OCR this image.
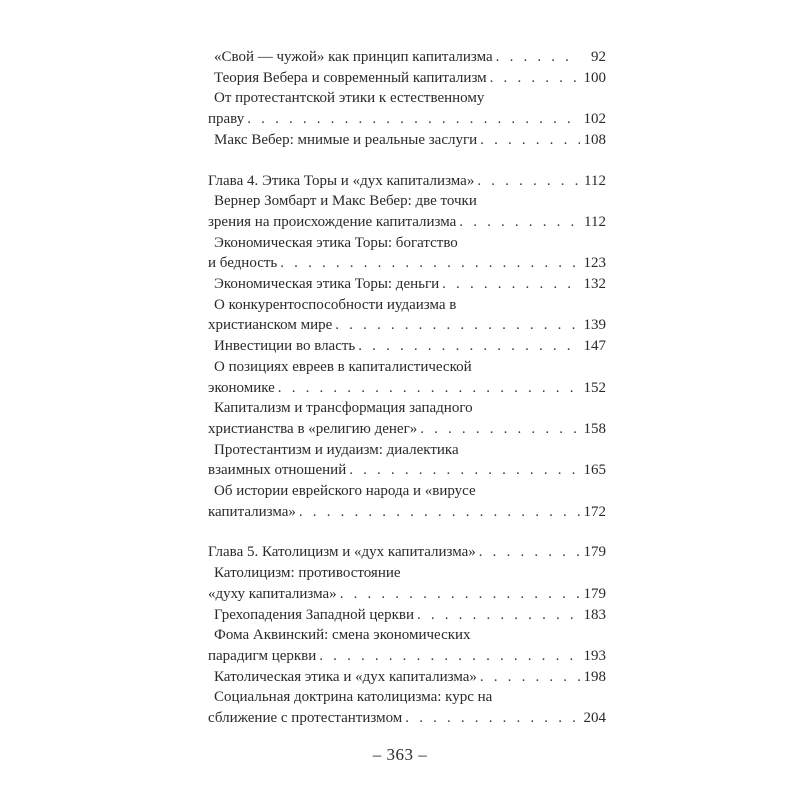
«Свой — чужой» как принцип капитализма . . .	92
Теория Вебера и современный капитализм . . .	100
От протестантской этики к естественному
праву . . .	102
Макс Вебер: мнимые и реальные заслуги . . .	108
Глава 4. Этика Торы и «дух капитализма» . . .	112
Вернер Зомбарт и Макс Вебер: две точки
зрения на происхождение капитализма . . .	112
Экономическая этика Торы: богатство
и бедность . . .	123
Экономическая этика Торы: деньги . . .	132
О конкурентоспособности иудаизма в
христианском мире . . .	139
Инвестиции во власть . . .	147
О позициях евреев в капиталистической
экономике . . .	152
Капитализм и трансформация западного
христианства в «религию денег» . . .	158
Протестантизм и иудаизм: диалектика
взаимных отношений . . .	165
Об истории еврейского народа и «вирусе
капитализма» . . .	172
Глава 5. Католицизм и «дух капитализма» . . .	179
Католицизм: противостояние
«духу капитализма» . . .	179
Грехопадения Западной церкви . . .	183
Фома Аквинский: смена экономических
парадигм церкви . . .	193
Католическая этика и «дух капитализма» . . .	198
Социальная доктрина католицизма: курс на
сближение с протестантизмом . . .	204
– 363 –
